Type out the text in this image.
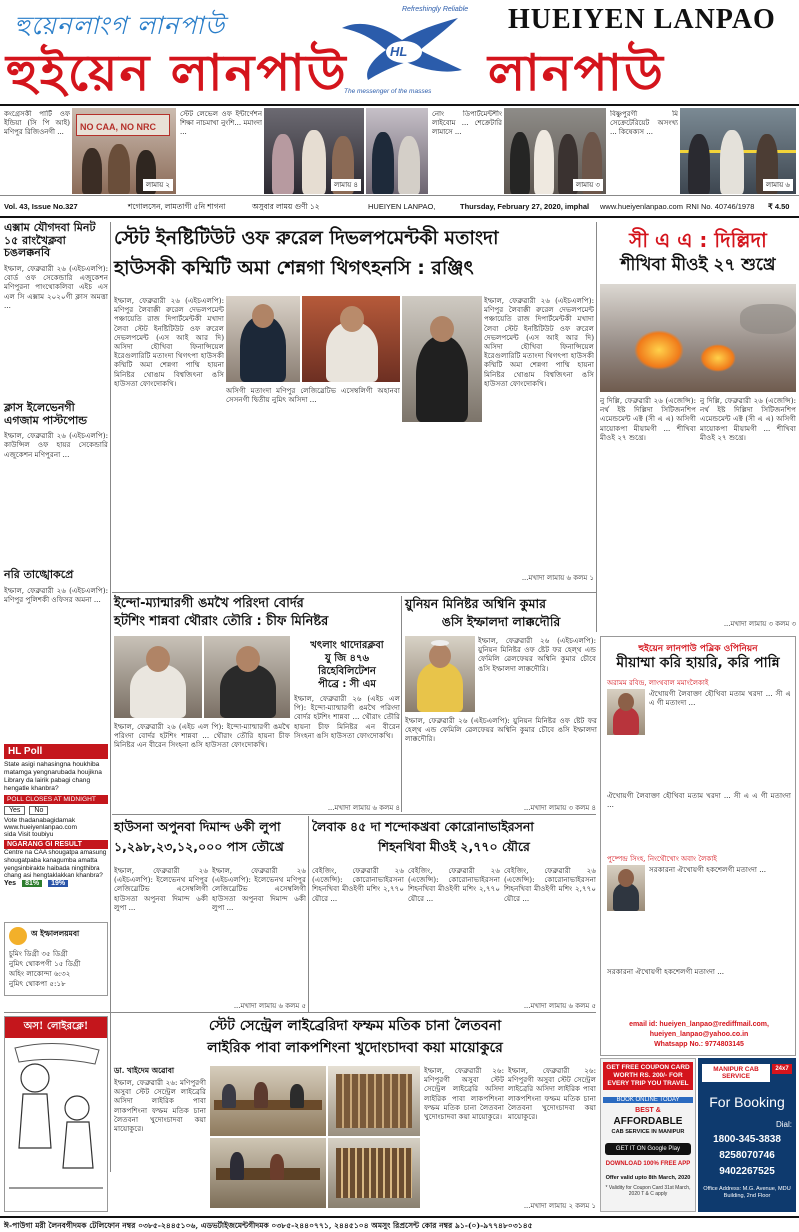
হুয়েনলাংগ লানপাউ
হুইয়েন লানপাউ
HUEIYEN LANPAO
HL
Refreshingly Reliable
The messenger of the masses লানপাউ
কংগ্রেসকী পার্টি ওফ ইন্ডিয়া (সি পি আই) মণিপুর রিজিওনগী ...
NO CAA, NO NRC
লামায় ২
স্টেট লেভেল ওফ ইন্টার্ণেশন শিক্ষা নাচমাখা নুংশি... মমাংদা ...
লামায় ৪
নোং ডিপার্টমেন্টশীং লাইবোম ... শেক্রেটারি লামাসে ...
লামায় ৩
বিষ্ণুপুরগী মি সেক্রেটেরিয়েট অসংখ্য ... কিষেক্যস ...
লামায় ৬
Vol. 43, Issue No.327	শগোলসেন, লামতাগী ৫নি শাগনা	অসুবার লাময় গুণী ১২	HUEIYEN LANPAO,	Thursday, February 27, 2020, imphal www.hueiyenlanpao.com RNI No. 40746/1978 ₹ 4.50
এক্সাম যৌগদবা মিনট ১৫ রাংখৈক্লবা চঙলক্কনবি
ইম্ফাল, ফেব্রুৱারী ২৬ (এইচএলপি): বোর্ড ওফ সেকেন্ডারি এজুকেশন মণিপুরনা পাংথোকলিবা এইচ এস এল সি এক্সাম ২০২০গী ক্লাস অমত্তা ...
ক্লাস ইলেভেনগী এগজাম পাস্টপোন্ড
ইম্ফাল, ফেব্রুৱারী ২৬ (এইচএলপি): কাউন্সিল ওফ হায়র সেকেন্ডারি এজুকেশন মণিপুরনা ...
নরি তাঙ্খোকপ্রে
ইম্ফাল, ফেব্রুৱারী ২৬ (এইচএলপি): মণিপুর পুলিশকী ওফিসর অমনা ...
স্টেট ইনষ্টিটিউট ওফ রুরেল দিভলপমেন্টকী মতাংদা
হাউসকী কম্মিটি অমা শেন্নগা থিগৎহনসি : রঞ্জিৎ
ইম্ফাল, ফেব্রুৱারী ২৬ (এইচএলপি): মণিপুর লৈবাক্কী রুরেল দেভলপমেন্ট পঞ্চায়েতি রাজ দিপার্টমেন্টকী মখাদা লৈবা স্টেট ইনষ্টিটিউট ওফ রুরেল দেভলপমেন্ট (এস আই আর দি) অসিদা হৌখিবা ফিনান্সিয়েল ইরেগুলারিটি মতাংদা থিগৎপা হাউসকী কম্মিটি অমা শেন্নগা পাম্মি হায়না মিনিষ্টর থোঙাম বিশ্বজিৎনা ঙসি হাউসতা ফোংদোকখি।
অসিগী মতাংদা মণিপুর লেজিস্লেটিভ এসেম্বলিগী অহানবা সেসনগী দ্বিতীয় নুমিৎ অসিদা ...
ইম্ফাল, ফেব্রুৱারী ২৬ (এইচএলপি): মণিপুর লৈবাক্কী রুরেল দেভলপমেন্ট পঞ্চায়েতি রাজ দিপার্টমেন্টকী মখাদা লৈবা স্টেট ইনষ্টিটিউট ওফ রুরেল দেভলপমেন্ট (এস আই আর দি) অসিদা হৌখিবা ফিনান্সিয়েল ইরেগুলারিটি মতাংদা থিগৎপা হাউসকী কম্মিটি অমা শেন্নগা পাম্মি হায়না মিনিষ্টর থোঙাম বিশ্বজিৎনা ঙসি হাউসতা ফোংদোকখি।
...মখাদা লামায় ৬ কলম ১
সী এ এ : দিল্লিদা
শীখিবা মীওই ২৭ শুখ্রে
নু দিল্লি, ফেব্রুৱারী ২৬ (এজেন্সি): নর্থ ইষ্ট দিল্লিদা সিটিজনশিপ এমেন্ডমেন্ট এক্ট (সী এ এ) অসিগী মায়োকপা মীয়ামগী ... শীখিবা মীওই ২৭ শুখ্রে।
নু দিল্লি, ফেব্রুৱারী ২৬ (এজেন্সি): নর্থ ইষ্ট দিল্লিদা সিটিজনশিপ এমেন্ডমেন্ট এক্ট (সী এ এ) অসিগী মায়োকপা মীয়ামগী ... শীখিবা মীওই ২৭ শুখ্রে।
...মখাদা লামায় ৩ কলম ৩
ইন্দো-ম্যান্মারগী ঙমখৈ পরিংদা বোর্দর
হটশিং শান্নবা থৌরাং তৌরি : চীফ মিনিষ্টর
খৎলাং থাদোরক্লবা
যু জি ৪৭৬
রিহেবিলিটেশন
পীব্রে : সী এম
ইম্ফাল, ফেব্রুৱারী ২৬ (এইচ এল পি): ইন্দো-ম্যান্মারগী ঙমখৈ পরিংদা বোর্দর হটশিং শান্নবা ... থৌরাং তৌরি হায়না চীফ মিনিষ্টর এন বীরেন সিংহনা ঙসি হাউসতা ফোংদোকখি।
ইম্ফাল, ফেব্রুৱারী ২৬ (এইচ এল পি): ইন্দো-ম্যান্মারগী ঙমখৈ পরিংদা বোর্দর হটশিং শান্নবা ... থৌরাং তৌরি হায়না চীফ মিনিষ্টর এন বীরেন সিংহনা ঙসি হাউসতা ফোংদোকখি।
...মখাদা লামায় ৬ কলম ৪
য়ুনিয়ন মিনিষ্টর অশ্বিনি কুমার
ঙসি ইম্ফালদা লাক্কদৌরি
ইম্ফাল, ফেব্রুৱারী ২৬ (এইচএলপি): য়ুনিয়ন মিনিষ্টর ওফ ষ্টেট ফর হেল্থ এন্ড ফেমিলি ৱেলফেয়র অশ্বিনি কুমার চৌবে ঙসি ইম্ফালদা লাক্কদৌরি।
ইম্ফাল, ফেব্রুৱারী ২৬ (এইচএলপি): য়ুনিয়ন মিনিষ্টর ওফ ষ্টেট ফর হেল্থ এন্ড ফেমিলি ৱেলফেয়র অশ্বিনি কুমার চৌবে ঙসি ইম্ফালদা লাক্কদৌরি।
...মখাদা লামায় ৩ কলম ৪
হুইয়েন লানপাউ পব্লিক ওপিনিয়ন
মীয়াম্মা করি হায়রি, করি পান্নি
অরামম রবিন্দ্র, লাংথবাল মমাংলৈকাই
ঐখোয়গী লৈবাক্তা হৌখিবা মতাম খরদা ... সী এ এ গী মতাংদা ...
ঐখোয়গী লৈবাক্তা হৌখিবা মতাম খরদা ... সী এ এ গী মতাংদা ...
পুষ্পেন্দ্র সিংহ, নিংথৌখোং অবাং লৈকাই
সরকারনা ঐখোয়গী হকশেলগী মতাংদা ...
সরকারনা ঐখোয়গী হকশেলগী মতাংদা ...
email id: hueiyen_lanpao@rediffmail.com,
hueiyen_lanpao@yahoo.co.in
Whatsapp No.: 9774803145
HL Poll
State asigi nahasingna houkhiba matamga yengnarubada houjikna Library da lairik pabagi chang hengatle khanbra?
POLL CLOSES AT MIDNIGHT
Yes	No
Vote thadanabagidamak
www.hueiyenlanpao.com
sida Visit toubiyu
NGARANG GI RESULT
Centre na CAA shougatpa amasung shougatpaba kanagumba amatta yengsinbirakte haibada ningthibra chang asi hengtaklakkan khanbra?
Yes	81%	19%
অ ইম্ফাললয়মবা
চুমিং ডিগ্রী ৩৫ ডিগ্রী
নুমিৎ থোকপগী ১৫ ডিগ্রী
অহিং লাকোন্দা ৬:৩২
নুমিৎ থোকপা ৫:১৮
হাউসনা অপুনবা দিমান্দ ৬কী লুপা
১,২৯৮,২৩,১২,০০০ পাস তৌখ্রে
ইম্ফাল, ফেব্রুৱারী ২৬ (এইচএলপি): ইলেভেনথ মণিপুর লেজিস্লেটিভ এসেম্বলিগী হাউসতা অপুনবা দিমান্দ ৬কী লুপা ...
ইম্ফাল, ফেব্রুৱারী ২৬ (এইচএলপি): ইলেভেনথ মণিপুর লেজিস্লেটিভ এসেম্বলিগী হাউসতা অপুনবা দিমান্দ ৬কী লুপা ...
...মখাদা লামায় ৬ কলম ৫
লৈবাক ৪৫ দা শন্দোকখ্রবা কোরোনাভাইরসনা
শিহনখিবা মীওই ২,৭৭০ য়ৌরে
বেইজিং, ফেব্রুৱারী ২৬ (এজেন্সি): কোরোনাভাইরসনা শিহনখিবা মীওইগী মশিং ২,৭৭০ য়ৌরে ...
বেইজিং, ফেব্রুৱারী ২৬ (এজেন্সি): কোরোনাভাইরসনা শিহনখিবা মীওইগী মশিং ২,৭৭০ য়ৌরে ...
বেইজিং, ফেব্রুৱারী ২৬ (এজেন্সি): কোরোনাভাইরসনা শিহনখিবা মীওইগী মশিং ২,৭৭০ য়ৌরে ...
...মখাদা লামায় ৬ কলম ৫
অস! লোইরক্লে!	স্টেট সেন্ট্রেল লাইব্রেরিদা ফম্ফম মতিক চানা লৈতবনা
লাইরিক পাবা লাকপশিংনা খুদোংচাদবা কয়া মায়োকুরে
ডা. খাইদেম অৱোবা
ইম্ফাল, ফেব্রুৱারী ২৬: মণিপুরগী অসুবা স্টেট সেন্ট্রেল লাইব্রেরি অসিদা লাইরিক পাবা লাকপশিংনা ফম্ফম মতিক চানা লৈতবনা খুদোংচাদবা কয়া মায়োকুরে।
ইম্ফাল, ফেব্রুৱারী ২৬: মণিপুরগী অসুবা স্টেট সেন্ট্রেল লাইব্রেরি অসিদা লাইরিক পাবা লাকপশিংনা ফম্ফম মতিক চানা লৈতবনা খুদোংচাদবা কয়া মায়োকুরে।
ইম্ফাল, ফেব্রুৱারী ২৬: মণিপুরগী অসুবা স্টেট সেন্ট্রেল লাইব্রেরি অসিদা লাইরিক পাবা লাকপশিংনা ফম্ফম মতিক চানা লৈতবনা খুদোংচাদবা কয়া মায়োকুরে।
...মখাদা লামায় ২ কলম ১
GET FREE COUPON CARD WORTH RS. 200/- FOR EVERY TRIP YOU TRAVEL
BOOK ONLINE TODAY
BEST &
AFFORDABLE
CAB SERVICE IN MANIPUR
GET IT ON Google Play
DOWNLOAD 100% FREE APP
Offer valid upto 8th March, 2020
* Validity for Coupon Card 31st March, 2020 T & C apply
MANIPUR CAB SERVICE
24x7
For Booking
Dial:
1800-345-3838
8258070746
9402267525
Office Address: M.G. Avenue, MDU Building, 2nd Floor
ঈ-পাউগা মরী লৈনবগীদমক টেলিফোন নম্বর ০৩৮৫-২৪৪৫১০৬, এডভর্টাইজমেন্টগীদমক ০৩৮৫-২৪৪০৭৭১, ২৪৪৫১০৪ অমসুং রিপ্রসেন্ট কোর নম্বর ৯১-(০)-৯৭৭৪৮০৩১৪৫
